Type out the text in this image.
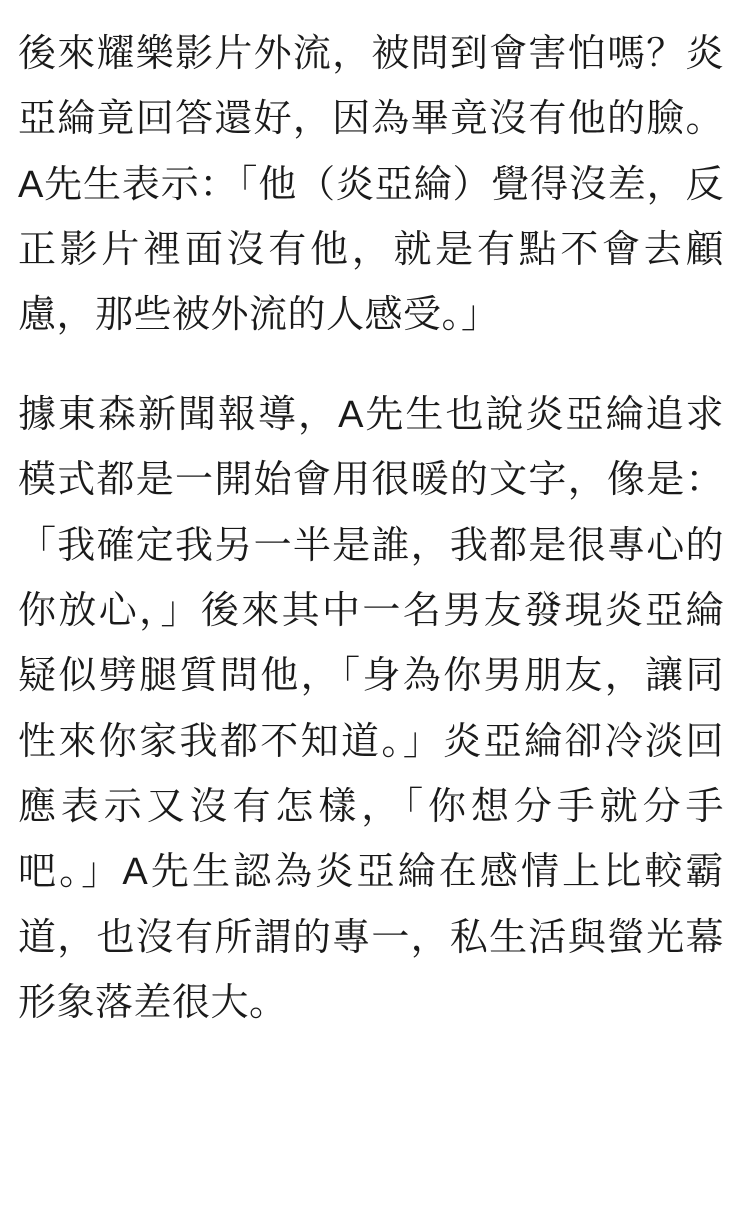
後來耀樂影片外流，被問到會害怕嗎？炎亞綸竟回答還好，因為畢竟沒有他的臉。A先生表示：「他（炎亞綸）覺得沒差，反正影片裡面沒有他，就是有點不會去顧慮，那些被外流的人感受。」

據東森新聞報導，A先生也說炎亞綸追求模式都是一開始會用很暖的文字，像是：「我確定我另一半是誰，我都是很專心的你放心，」後來其中一名男友發現炎亞綸疑似劈腿質問他，「身為你男朋友，讓同性來你家我都不知道。」炎亞綸卻冷淡回應表示又沒有怎樣，「你想分手就分手吧。」A先生認為炎亞綸在感情上比較霸道，也沒有所謂的專一，私生活與螢光幕形象落差很大。
